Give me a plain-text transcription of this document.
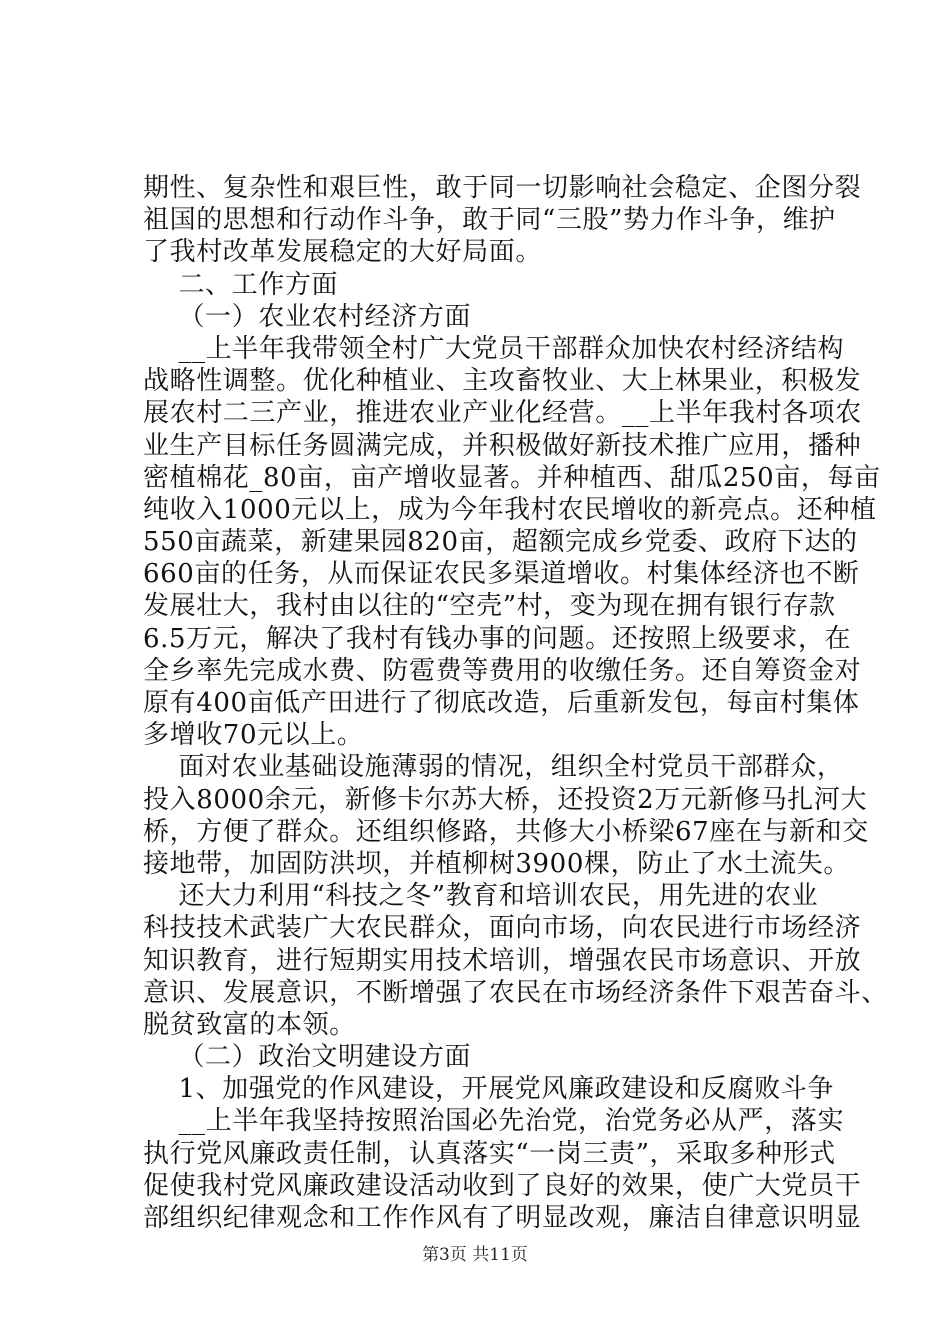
期性、复杂性和艰巨性，敢于同一切影响社会稳定、企图分裂
祖国的思想和行动作斗争，敢于同“三股”势力作斗争，维护
了我村改革发展稳定的大好局面。
二、工作方面
（一）农业农村经济方面
__上半年我带领全村广大党员干部群众加快农村经济结构
战略性调整。优化种植业、主攻畜牧业、大上林果业，积极发
展农村二三产业，推进农业产业化经营。__上半年我村各项农
业生产目标任务圆满完成，并积极做好新技术推广应用，播种
密植棉花_80亩，亩产增收显著。并种植西、甜瓜250亩，每亩
纯收入1000元以上，成为今年我村农民增收的新亮点。还种植
550亩蔬菜，新建果园820亩，超额完成乡党委、政府下达的
660亩的任务，从而保证农民多渠道增收。村集体经济也不断
发展壮大，我村由以往的“空壳”村，变为现在拥有银行存款
6.5万元，解决了我村有钱办事的问题。还按照上级要求，在
全乡率先完成水费、防雹费等费用的收缴任务。还自筹资金对
原有400亩低产田进行了彻底改造，后重新发包，每亩村集体
多增收70元以上。
面对农业基础设施薄弱的情况，组织全村党员干部群众，
投入8000余元，新修卡尔苏大桥，还投资2万元新修马扎河大
桥，方便了群众。还组织修路，共修大小桥梁67座在与新和交
接地带，加固防洪坝，并植柳树3900棵，防止了水土流失。
还大力利用“科技之冬”教育和培训农民，用先进的农业
科技技术武装广大农民群众，面向市场，向农民进行市场经济
知识教育，进行短期实用技术培训，增强农民市场意识、开放
意识、发展意识，不断增强了农民在市场经济条件下艰苦奋斗、
脱贫致富的本领。
（二）政治文明建设方面
1、加强党的作风建设，开展党风廉政建设和反腐败斗争
__上半年我坚持按照治国必先治党，治党务必从严，落实
执行党风廉政责任制，认真落实“一岗三责”，采取多种形式
促使我村党风廉政建设活动收到了良好的效果，使广大党员干
部组织纪律观念和工作作风有了明显改观，廉洁自律意识明显
第3页 共11页
